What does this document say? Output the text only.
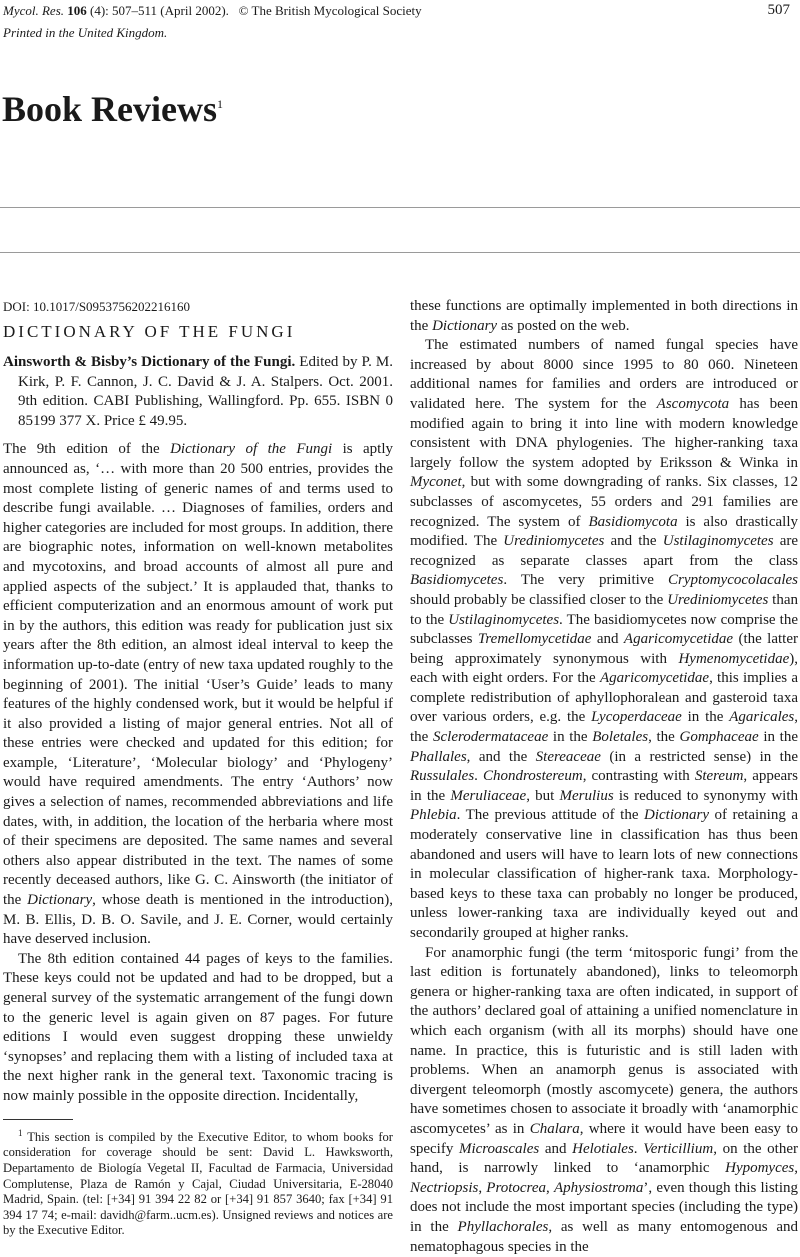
Mycol. Res. 106 (4): 507–511 (April 2002). © The British Mycological Society
Printed in the United Kingdom.
507
Book Reviews$^1$

DOI: 10.1017/S0953756202216160

DICTIONARY OF THE FUNGI

Ainsworth & Bisby’s Dictionary of the Fungi. Edited by P. M. Kirk, P. F. Cannon, J. C. David & J. A. Stalpers. Oct. 2001. 9th edition. CABI Publishing, Wallingford. Pp. 655. ISBN 0 85199 377 X. Price £ 49.95.

The 9th edition of the Dictionary of the Fungi is aptly announced as, ‘… with more than 20 500 entries, provides the most complete listing of generic names of and terms used to describe fungi available. … Diagnoses of families, orders and higher categories are included for most groups. In addition, there are biographic notes, information on well-known metabolites and mycotoxins, and broad accounts of almost all pure and applied aspects of the subject.’ It is applauded that, thanks to efficient computerization and an enormous amount of work put in by the authors, this edition was ready for publication just six years after the 8th edition, an almost ideal interval to keep the information up-to-date (entry of new taxa updated roughly to the beginning of 2001). The initial ‘User’s Guide’ leads to many features of the highly condensed work, but it would be helpful if it also provided a listing of major general entries. Not all of these entries were checked and updated for this edition; for example, ‘Literature’, ‘Molecular biology’ and ‘Phylogeny’ would have required amendments. The entry ‘Authors’ now gives a selection of names, recommended abbreviations and life dates, with, in addition, the location of the herbaria where most of their specimens are deposited. The same names and several others also appear distributed in the text. The names of some recently deceased authors, like G. C. Ainsworth (the initiator of the Dictionary, whose death is mentioned in the introduction), M. B. Ellis, D. B. O. Savile, and J. E. Corner, would certainly have deserved inclusion.

The 8th edition contained 44 pages of keys to the families. These keys could not be updated and had to be dropped, but a general survey of the systematic arrangement of the fungi down to the generic level is again given on 87 pages. For future editions I would even suggest dropping these unwieldy ‘synopses’ and replacing them with a listing of included taxa at the next higher rank in the general text. Taxonomic tracing is now mainly possible in the opposite direction. Incidentally,

$^1$ This section is compiled by the Executive Editor, to whom books for consideration for coverage should be sent: David L. Hawksworth, Departamento de Biología Vegetal II, Facultad de Farmacia, Universidad Complutense, Plaza de Ramón y Cajal, Ciudad Universitaria, E-28040 Madrid, Spain. (tel: [+34] 91 394 22 82 or [+34] 91 857 3640; fax [+34] 91 394 17 74; e-mail: davidh@farm..ucm.es). Unsigned reviews and notices are by the Executive Editor.

these functions are optimally implemented in both directions in the Dictionary as posted on the web.

The estimated numbers of named fungal species have increased by about 8000 since 1995 to 80 060. Nineteen additional names for families and orders are introduced or validated here. The system for the Ascomycota has been modified again to bring it into line with modern knowledge consistent with DNA phylogenies. The higher-ranking taxa largely follow the system adopted by Eriksson & Winka in Myconet, but with some downgrading of ranks. Six classes, 12 subclasses of ascomycetes, 55 orders and 291 families are recognized. The system of Basidiomycota is also drastically modified. The Urediniomycetes and the Ustilaginomycetes are recognized as separate classes apart from the class Basidiomycetes. The very primitive Cryptomycocolacales should probably be classified closer to the Urediniomycetes than to the Ustilaginomycetes. The basidiomycetes now comprise the subclasses Tremellomycetidae and Agaricomycetidae (the latter being approximately synonymous with Hymenomycetidae), each with eight orders. For the Agaricomycetidae, this implies a complete redistribution of aphyllophoralean and gasteroid taxa over various orders, e.g. the Lycoperdaceae in the Agaricales, the Sclerodermataceae in the Boletales, the Gomphaceae in the Phallales, and the Stereaceae (in a restricted sense) in the Russulales. Chondrostereum, contrasting with Stereum, appears in the Meruliaceae, but Merulius is reduced to synonymy with Phlebia. The previous attitude of the Dictionary of retaining a moderately conservative line in classification has thus been abandoned and users will have to learn lots of new connections in molecular classification of higher-rank taxa. Morphology-based keys to these taxa can probably no longer be produced, unless lower-ranking taxa are individually keyed out and secondarily grouped at higher ranks.

For anamorphic fungi (the term ‘mitosporic fungi’ from the last edition is fortunately abandoned), links to teleomorph genera or higher-ranking taxa are often indicated, in support of the authors’ declared goal of attaining a unified nomenclature in which each organism (with all its morphs) should have one name. In practice, this is futuristic and is still laden with problems. When an anamorph genus is associated with divergent teleomorph (mostly ascomycete) genera, the authors have sometimes chosen to associate it broadly with ‘anamorphic ascomycetes’ as in Chalara, where it would have been easy to specify Microascales and Helotiales. Verticillium, on the other hand, is narrowly linked to ‘anamorphic Hypomyces, Nectriopsis, Protocrea, Aphysiostroma’, even though this listing does not include the most important species (including the type) in the Phyllachorales, as well as many entomogenous and nematophagous species in the
